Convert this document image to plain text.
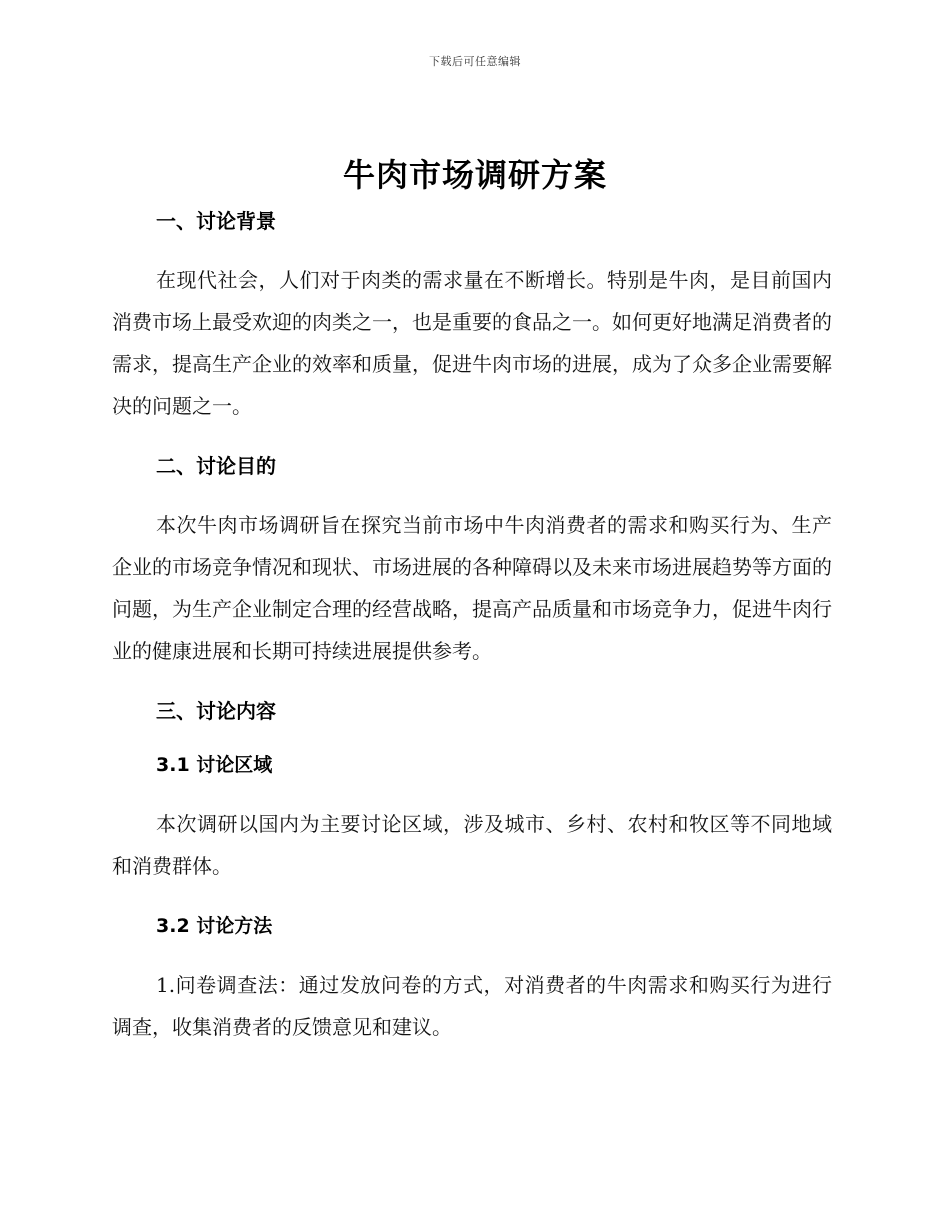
下载后可任意编辑
牛肉市场调研方案
一、讨论背景

在现代社会，人们对于肉类的需求量在不断增长。特别是牛肉，是目前国内消费市场上最受欢迎的肉类之一，也是重要的食品之一。如何更好地满足消费者的需求，提高生产企业的效率和质量，促进牛肉市场的进展，成为了众多企业需要解决的问题之一。

二、讨论目的

本次牛肉市场调研旨在探究当前市场中牛肉消费者的需求和购买行为、生产企业的市场竞争情况和现状、市场进展的各种障碍以及未来市场进展趋势等方面的问题，为生产企业制定合理的经营战略，提高产品质量和市场竞争力，促进牛肉行业的健康进展和长期可持续进展提供参考。

三、讨论内容
3.1 讨论区域

本次调研以国内为主要讨论区域，涉及城市、乡村、农村和牧区等不同地域和消费群体。

3.2 讨论方法

1.问卷调查法：通过发放问卷的方式，对消费者的牛肉需求和购买行为进行调查，收集消费者的反馈意见和建议。
